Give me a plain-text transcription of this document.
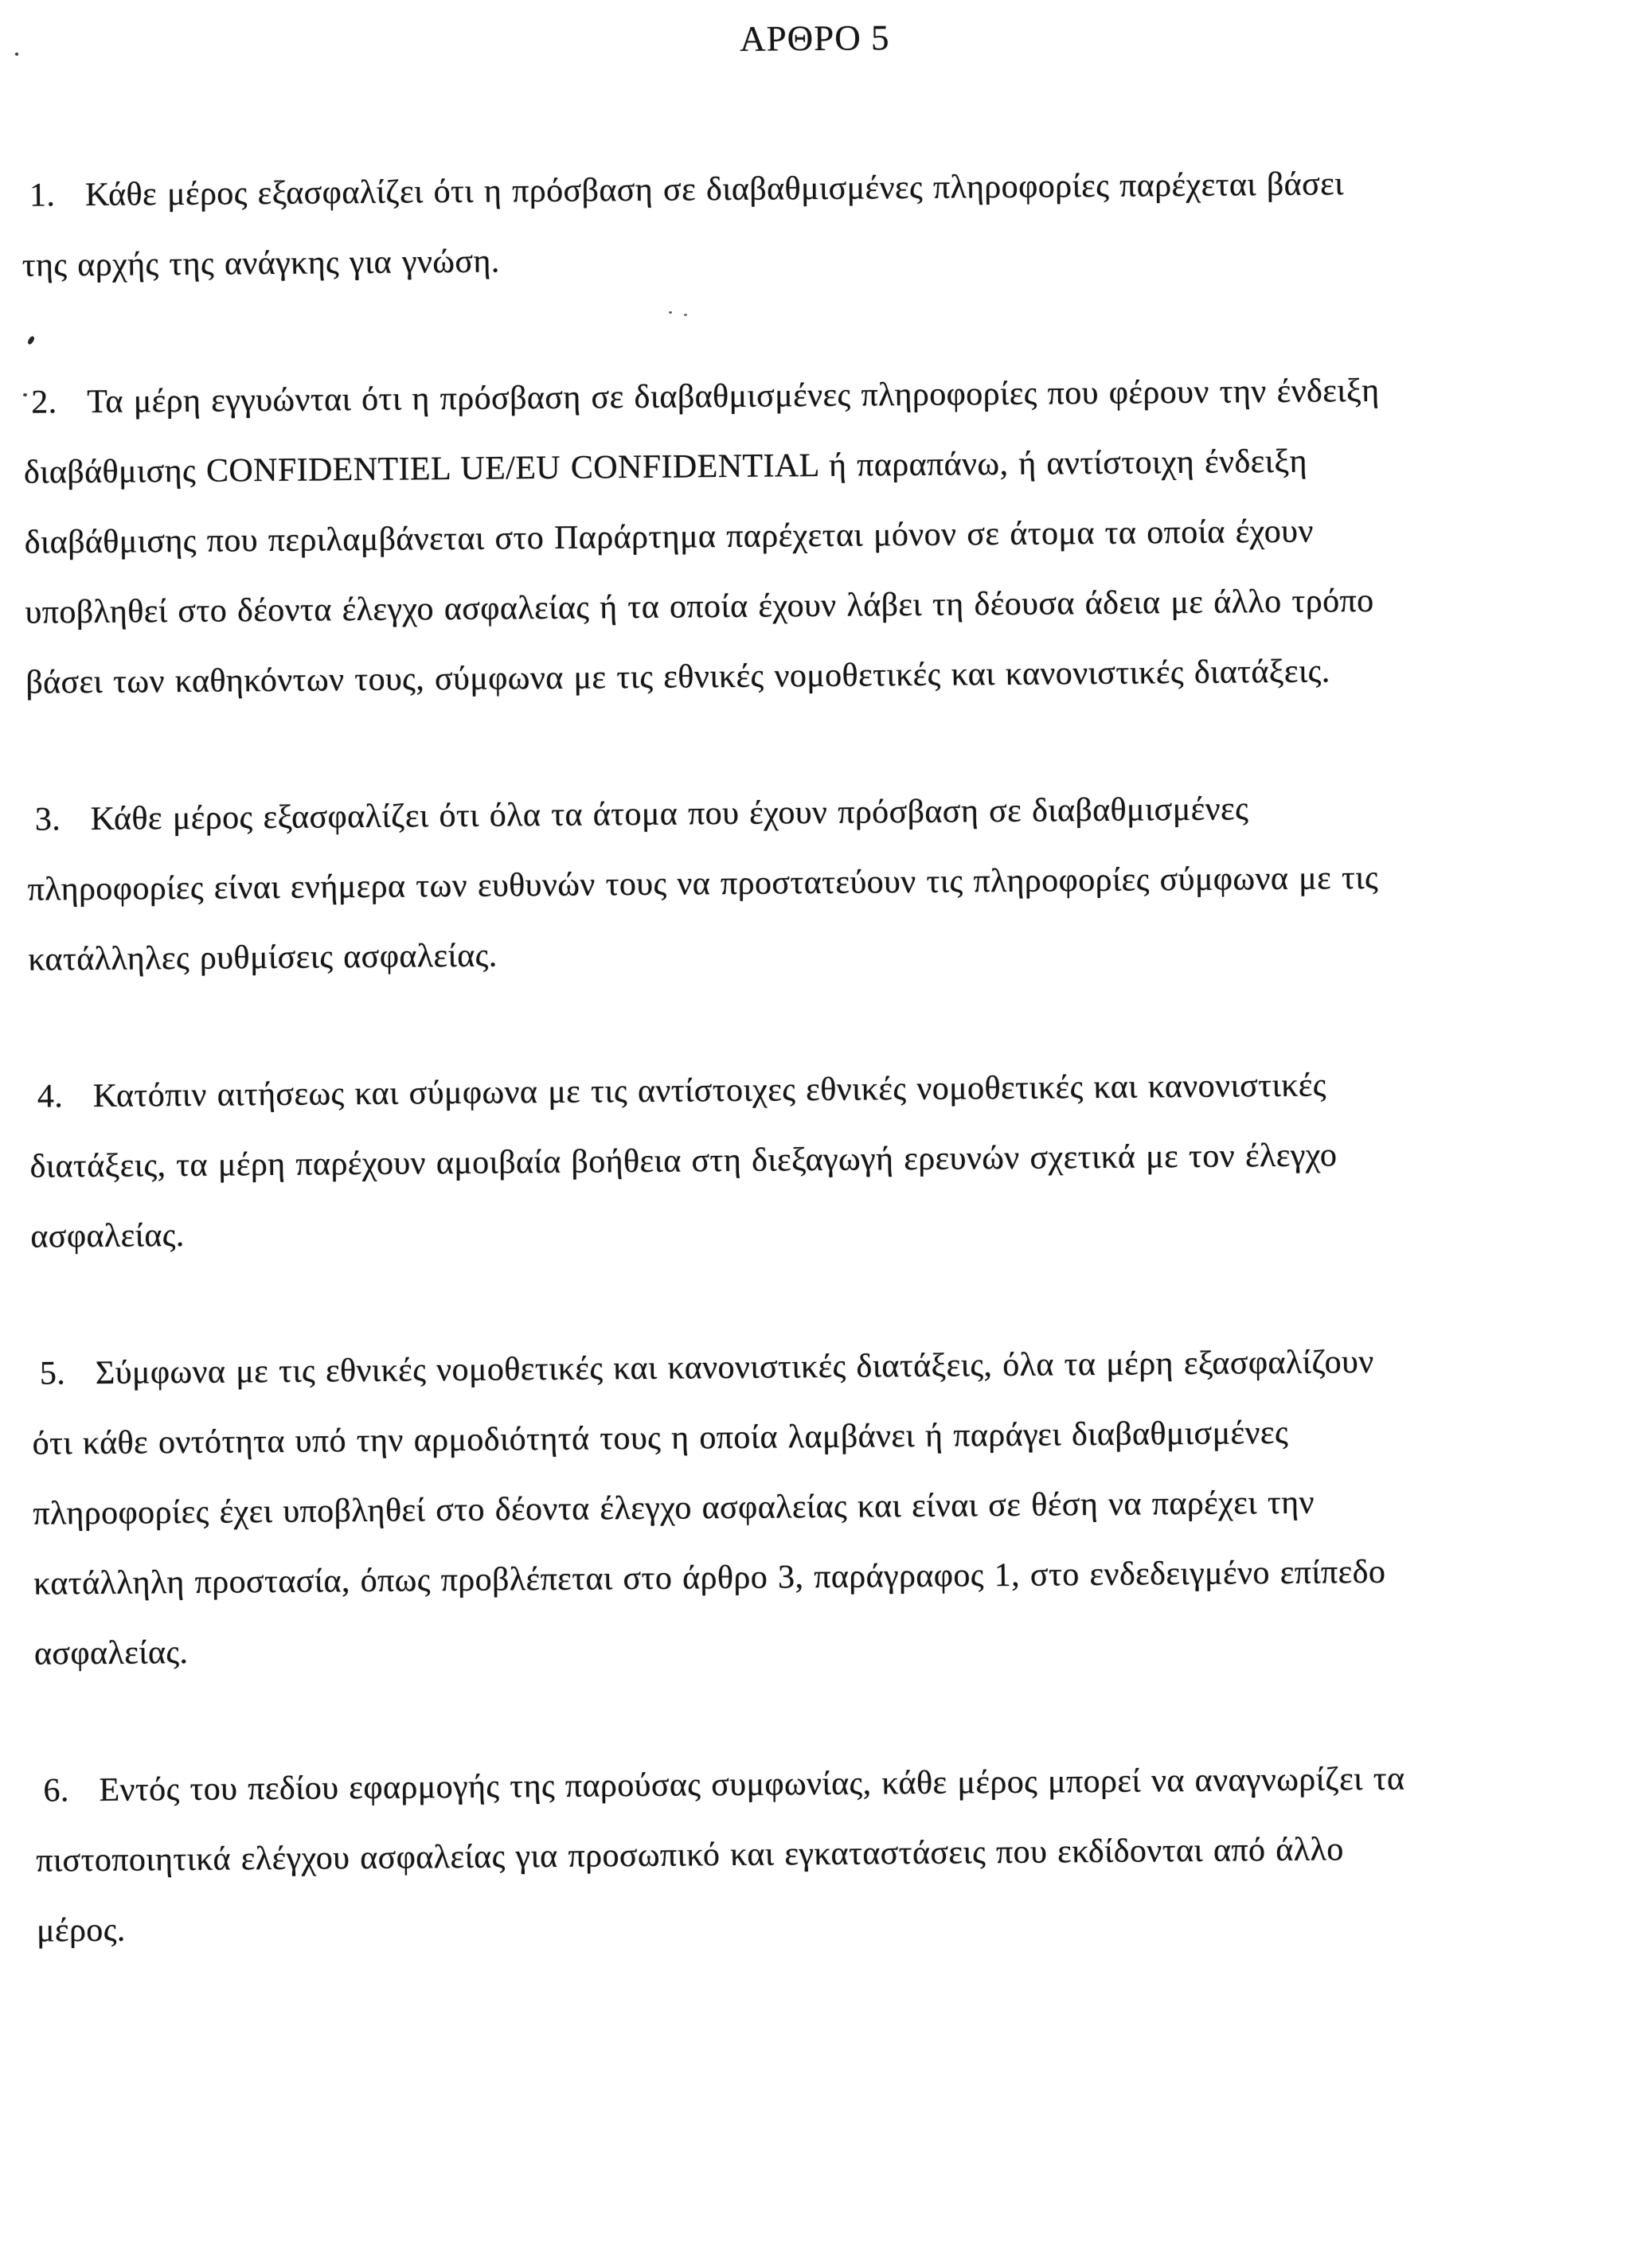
ΑΡΘΡΟ 5
1. Κάθε μέρος εξασφαλίζει ότι η πρόσβαση σε διαβαθμισμένες πληροφορίες παρέχεται βάσει
της αρχής της ανάγκης για γνώση.
2. Τα μέρη εγγυώνται ότι η πρόσβαση σε διαβαθμισμένες πληροφορίες που φέρουν την ένδειξη
διαβάθμισης CONFIDENTIEL UE/EU CONFIDENTIAL ή παραπάνω, ή αντίστοιχη ένδειξη
διαβάθμισης που περιλαμβάνεται στο Παράρτημα παρέχεται μόνον σε άτομα τα οποία έχουν
υποβληθεί στο δέοντα έλεγχο ασφαλείας ή τα οποία έχουν λάβει τη δέουσα άδεια με άλλο τρόπο
βάσει των καθηκόντων τους, σύμφωνα με τις εθνικές νομοθετικές και κανονιστικές διατάξεις.
3. Κάθε μέρος εξασφαλίζει ότι όλα τα άτομα που έχουν πρόσβαση σε διαβαθμισμένες
πληροφορίες είναι ενήμερα των ευθυνών τους να προστατεύουν τις πληροφορίες σύμφωνα με τις
κατάλληλες ρυθμίσεις ασφαλείας.
4. Κατόπιν αιτήσεως και σύμφωνα με τις αντίστοιχες εθνικές νομοθετικές και κανονιστικές
διατάξεις, τα μέρη παρέχουν αμοιβαία βοήθεια στη διεξαγωγή ερευνών σχετικά με τον έλεγχο
ασφαλείας.
5. Σύμφωνα με τις εθνικές νομοθετικές και κανονιστικές διατάξεις, όλα τα μέρη εξασφαλίζουν
ότι κάθε οντότητα υπό την αρμοδιότητά τους η οποία λαμβάνει ή παράγει διαβαθμισμένες
πληροφορίες έχει υποβληθεί στο δέοντα έλεγχο ασφαλείας και είναι σε θέση να παρέχει την
κατάλληλη προστασία, όπως προβλέπεται στο άρθρο 3, παράγραφος 1, στο ενδεδειγμένο επίπεδο
ασφαλείας.
6. Εντός του πεδίου εφαρμογής της παρούσας συμφωνίας, κάθε μέρος μπορεί να αναγνωρίζει τα
πιστοποιητικά ελέγχου ασφαλείας για προσωπικό και εγκαταστάσεις που εκδίδονται από άλλο
μέρος.
